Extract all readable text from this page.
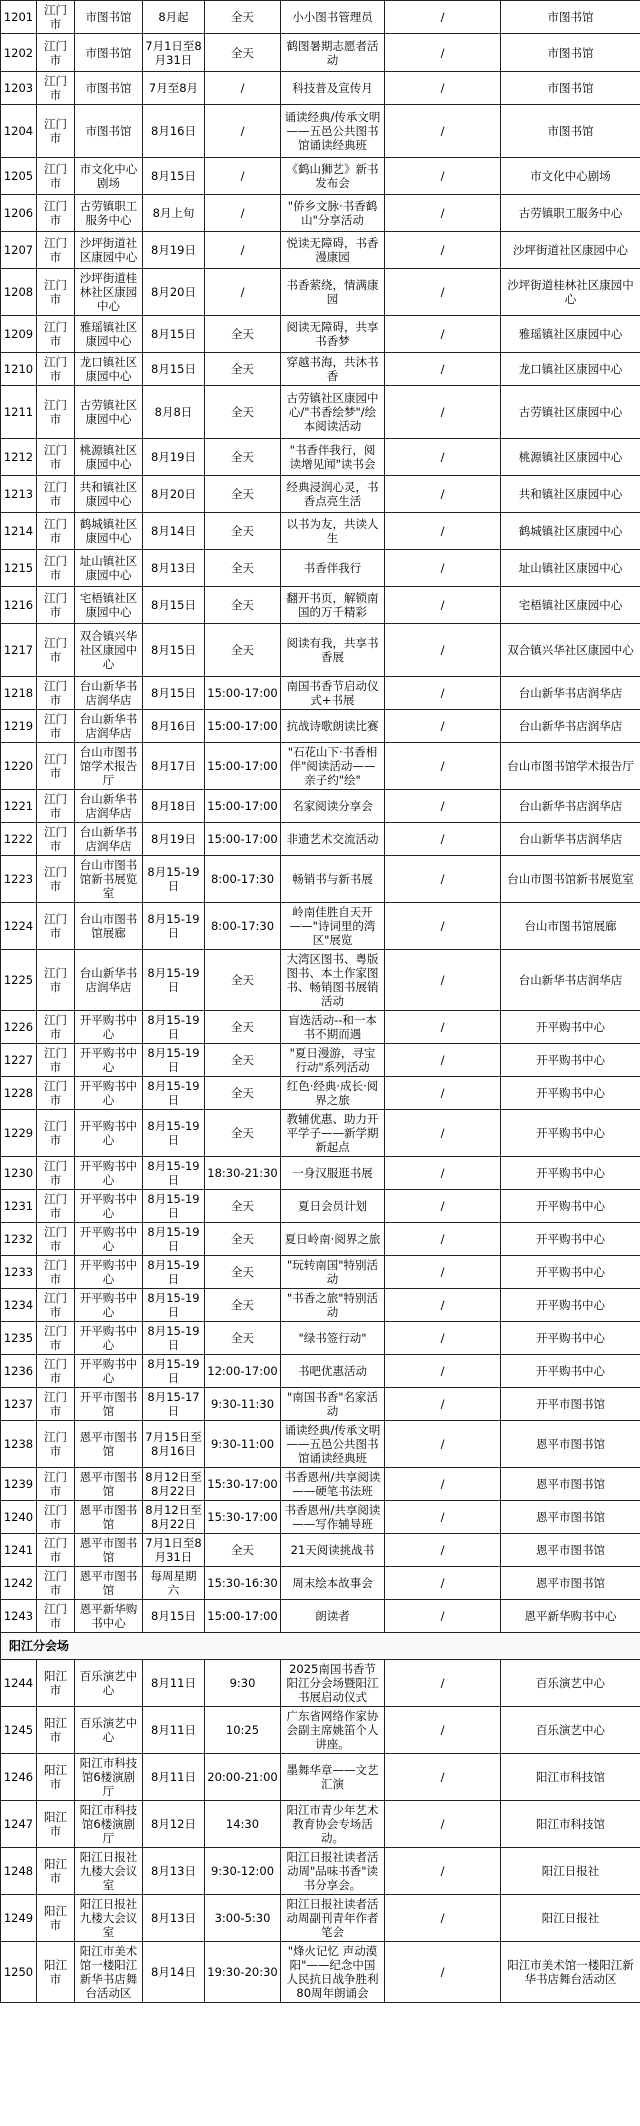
1201	江门市	市图书馆	8月起	全天	小小图书管理员	/	市图书馆
1202	江门市	市图书馆	7月1日至8月31日	全天	鹤图暑期志愿者活动	/	市图书馆
1203	江门市	市图书馆	7月至8月	/	科技普及宣传月	/	市图书馆
1204	江门市	市图书馆	8月16日	/	诵读经典/传承文明——五邑公共图书馆诵读经典班	/	市图书馆
1205	江门市	市文化中心剧场	8月15日	/	《鹤山狮艺》新书发布会	/	市文化中心剧场
1206	江门市	古劳镇职工服务中心	8月上旬	/	"侨乡文脉·书香鹤山"分享活动	/	古劳镇职工服务中心
1207	江门市	沙坪街道社区康园中心	8月19日	/	悦读无障碍，书香漫康园	/	沙坪街道社区康园中心
1208	江门市	沙坪街道桂林社区康园中心	8月20日	/	书香萦绕，情满康园	/	沙坪街道桂林社区康园中心
1209	江门市	雅瑶镇社区康园中心	8月15日	全天	阅读无障碍，共享书香梦	/	雅瑶镇社区康园中心
1210	江门市	龙口镇社区康园中心	8月15日	全天	穿越书海，共沐书香	/	龙口镇社区康园中心
1211	江门市	古劳镇社区康园中心	8月8日	全天	古劳镇社区康园中心/"书香绘梦"/绘本阅读活动	/	古劳镇社区康园中心
1212	江门市	桃源镇社区康园中心	8月19日	全天	"书香伴我行，阅读增见闻"读书会	/	桃源镇社区康园中心
1213	江门市	共和镇社区康园中心	8月20日	全天	经典浸润心灵，书香点亮生活	/	共和镇社区康园中心
1214	江门市	鹤城镇社区康园中心	8月14日	全天	以书为友，共读人生	/	鹤城镇社区康园中心
1215	江门市	址山镇社区康园中心	8月13日	全天	书香伴我行	/	址山镇社区康园中心
1216	江门市	宅梧镇社区康园中心	8月15日	全天	翻开书页，解锁南国的万千精彩	/	宅梧镇社区康园中心
1217	江门市	双合镇兴华社区康园中心	8月15日	全天	阅读有我，共享书香展	/	双合镇兴华社区康园中心
1218	江门市	台山新华书店润华店	8月15日	15:00-17:00	南国书香节启动仪式+书展	/	台山新华书店润华店
1219	江门市	台山新华书店润华店	8月16日	15:00-17:00	抗战诗歌朗读比赛	/	台山新华书店润华店
1220	江门市	台山市图书馆学术报告厅	8月17日	15:00-17:00	"石花山下·书香相伴"阅读活动——亲子约"绘"	/	台山市图书馆学术报告厅
1221	江门市	台山新华书店润华店	8月18日	15:00-17:00	名家阅读分享会	/	台山新华书店润华店
1222	江门市	台山新华书店润华店	8月19日	15:00-17:00	非遗艺术交流活动	/	台山新华书店润华店
1223	江门市	台山市图书馆新书展览室	8月15-19日	8:00-17:30	畅销书与新书展	/	台山市图书馆新书展览室
1224	江门市	台山市图书馆展廊	8月15-19日	8:00-17:30	岭南佳胜自天开——"诗词里的湾区"展览	/	台山市图书馆展廊
1225	江门市	台山新华书店润华店	8月15-19日	全天	大湾区图书、粤版图书、本土作家图书、畅销图书展销活动	/	台山新华书店润华店
1226	江门市	开平购书中心	8月15-19日	全天	盲选活动--和一本书不期而遇	/	开平购书中心
1227	江门市	开平购书中心	8月15-19日	全天	"夏日漫游，寻宝行动"系列活动	/	开平购书中心
1228	江门市	开平购书中心	8月15-19日	全天	红色·经典·成长·阅界之旅	/	开平购书中心
1229	江门市	开平购书中心	8月15-19日	全天	教辅优惠、助力开平学子——新学期新起点	/	开平购书中心
1230	江门市	开平购书中心	8月15-19日	18:30-21:30	一身汉服逛书展	/	开平购书中心
1231	江门市	开平购书中心	8月15-19日	全天	夏日会员计划	/	开平购书中心
1232	江门市	开平购书中心	8月15-19日	全天	夏日岭南·阅界之旅	/	开平购书中心
1233	江门市	开平购书中心	8月15-19日	全天	"玩转南国"特别活动	/	开平购书中心
1234	江门市	开平购书中心	8月15-19日	全天	"书香之旅"特别活动	/	开平购书中心
1235	江门市	开平购书中心	8月15-19日	全天	"绿书签行动"	/	开平购书中心
1236	江门市	开平购书中心	8月15-19日	12:00-17:00	书吧优惠活动	/	开平购书中心
1237	江门市	开平市图书馆	8月15-17日	9:30-11:30	"南国书香"名家活动	/	开平市图书馆
1238	江门市	恩平市图书馆	7月15日至8月16日	9:30-11:00	诵读经典/传承文明——五邑公共图书馆诵读经典班	/	恩平市图书馆
1239	江门市	恩平市图书馆	8月12日至8月22日	15:30-17:00	书香恩州/共享阅读——硬笔书法班	/	恩平市图书馆
1240	江门市	恩平市图书馆	8月12日至8月22日	15:30-17:00	书香恩州/共享阅读——写作辅导班	/	恩平市图书馆
1241	江门市	恩平市图书馆	7月1日至8月31日	全天	21天阅读挑战书	/	恩平市图书馆
1242	江门市	恩平市图书馆	每周星期六	15:30-16:30	周末绘本故事会	/	恩平市图书馆
1243	江门市	恩平新华购书中心	8月15日	15:00-17:00	朗读者	/	恩平新华购书中心
阳江分会场							
1244	阳江市	百乐演艺中心	8月11日	9:30	2025南国书香节阳江分会场暨阳江书展启动仪式	/	百乐演艺中心
1245	阳江市	百乐演艺中心	8月11日	10:25	广东省网络作家协会副主席姚笛个人讲座。	/	百乐演艺中心
1246	阳江市	阳江市科技馆6楼演剧厅	8月11日	20:00-21:00	墨舞华章——文艺汇演	/	阳江市科技馆
1247	阳江市	阳江市科技馆6楼演剧厅	8月12日	14:30	阳江市青少年艺术教育协会专场活动。	/	阳江市科技馆
1248	阳江市	阳江日报社九楼大会议室	8月13日	9:30-12:00	阳江日报社读者活动周"品味书香"读书分享会。	/	阳江日报社
1249	阳江市	阳江日报社九楼大会议室	8月13日	3:00-5:30	阳江日报社读者活动周副刊青年作者笔会	/	阳江日报社
1250	阳江市	阳江市美术馆一楼阳江新华书店舞台活动区	8月14日	19:30-20:30	"烽火记忆 声动漠阳"——纪念中国人民抗日战争胜利80周年朗诵会	/	阳江市美术馆一楼阳江新华书店舞台活动区
